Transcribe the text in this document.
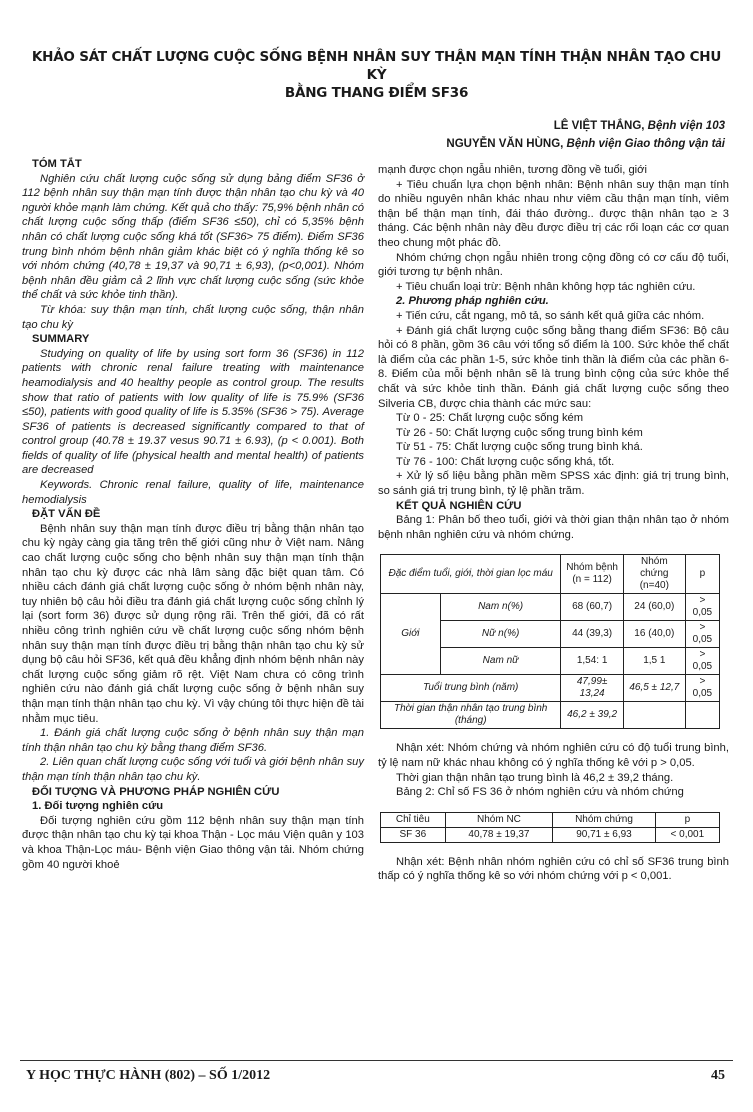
KHẢO SÁT CHẤT LƯỢNG CUỘC SỐNG BỆNH NHÂN SUY THẬN MẠN TÍNH THẬN NHÂN TẠO CHU KỲ
BẰNG THANG ĐIỂM SF36
LÊ VIỆT THẮNG, Bệnh viện 103
NGUYỄN VĂN HÙNG, Bệnh viện Giao thông vận tải

TÓM TẮT

Nghiên cứu chất lượng cuộc sống sử dụng bảng điểm SF36 ở 112 bệnh nhân suy thận mạn tính được thận nhân tạo chu kỳ và 40 người khỏe mạnh làm chứng. Kết quả cho thấy: 75,9% bệnh nhân có chất lượng cuộc sống thấp (điểm SF36 ≤50), chỉ có 5,35% bệnh nhân có chất lượng cuộc sống khá tốt (SF36> 75 điểm). Điểm SF36 trung bình nhóm bệnh nhân giảm khác biệt có ý nghĩa thống kê so với nhóm chứng (40,78 ± 19,37 và 90,71 ± 6,93), (p<0,001). Nhóm bệnh nhân đều giảm cả 2 lĩnh vực chất lượng cuộc sống (sức khỏe thể chất và sức khỏe tinh thần).

Từ khóa: suy thận mạn tính, chất lượng cuộc sống, thận nhân tạo chu kỳ

SUMMARY

Studying on quality of life by using sort form 36 (SF36) in 112 patients with chronic renal failure treating with maintenance heamodialysis and 40 healthy people as control group. The results show that ratio of patients with low quality of life is 75.9% (SF36 ≤50), patients with good quality of life is 5.35% (SF36 > 75). Average SF36 of patients is decreased significantly compared to that of control group (40.78 ± 19.37 vesus 90.71 ± 6.93), (p < 0.001). Both fields of quality of life (physical health and mental health) of patients are decreased

Keywords. Chronic renal failure, quality of life, maintenance hemodialysis

ĐẶT VẤN ĐỀ

Bệnh nhân suy thận mạn tính được điều trị bằng thận nhân tạo chu kỳ ngày càng gia tăng trên thế giới cũng như ở Việt nam. Nâng cao chất lượng cuộc sống cho bệnh nhân suy thận mạn tính thận nhân tạo chu kỳ được các nhà lâm sàng đặc biệt quan tâm. Có nhiều cách đánh giá chất lượng cuộc sống ở nhóm bệnh nhân này, tuy nhiên bộ câu hỏi điều tra đánh giá chất lượng cuộc sống chỉnh lý lại (sort form 36) được sử dụng rộng rãi. Trên thế giới, đã có rất nhiều công trình nghiên cứu về chất lượng cuộc sống nhóm bệnh nhân suy thận mạn tính được điều trị bằng thận nhân tạo chu kỳ sử dụng bộ câu hỏi SF36, kết quả đều khẳng định nhóm bệnh nhân này chất lượng cuộc sống giảm rõ rệt. Việt Nam chưa có công trình nghiên cứu nào đánh giá chất lượng cuộc sống ở bệnh nhân suy thận mạn tính thận nhân tạo chu kỳ. Vì vậy chúng tôi thực hiện đề tài nhằm mục tiêu.

1. Đánh giá chất lượng cuộc sống ở bệnh nhân suy thận mạn tính thận nhân tạo chu kỳ bằng thang điểm SF36.

2. Liên quan chất lượng cuộc sống với tuổi và giới bệnh nhân suy thận mạn tính thận nhân tạo chu kỳ.

ĐỐI TƯỢNG VÀ PHƯƠNG PHÁP NGHIÊN CỨU

1. Đối tượng nghiên cứu

Đối tượng nghiên cứu gồm 112 bệnh nhân suy thận mạn tính được thận nhân tạo chu kỳ tại khoa Thận - Lọc máu Viện quân y 103 và khoa Thận-Lọc máu- Bệnh viện Giao thông vận tải. Nhóm chứng gồm 40 người khoẻ

mạnh được chọn ngẫu nhiên, tương đồng về tuổi, giới

+ Tiêu chuẩn lựa chọn bệnh nhân: Bệnh nhân suy thận mạn tính do nhiều nguyên nhân khác nhau như viêm cầu thận mạn tính, viêm thận bể thận mạn tính, đái tháo đường.. được thận nhân tạo ≥ 3 tháng. Các bệnh nhân này đều được điều trị các rối loạn các cơ quan theo chung một phác đồ.

Nhóm chứng chọn ngẫu nhiên trong cộng đồng có cơ cấu độ tuổi, giới tương tự bệnh nhân.

+ Tiêu chuẩn loại trừ: Bệnh nhân không hợp tác nghiên cứu.

2. Phương pháp nghiên cứu.

+ Tiến cứu, cắt ngang, mô tả, so sánh kết quả giữa các nhóm.

+ Đánh giá chất lượng cuộc sống bằng thang điểm SF36: Bộ câu hỏi có 8 phần, gồm 36 câu với tổng số điểm là 100. Sức khỏe thể chất là điểm của các phần 1-5, sức khỏe tinh thần là điểm của các phần 6-8. Điểm của mỗi bệnh nhân sẽ là trung bình cộng của sức khỏe thể chất và sức khỏe tinh thần. Đánh giá chất lượng cuộc sống theo Silveria CB, được chia thành các mức sau:

Từ 0 - 25: Chất lượng cuộc sống kém

Từ 26 - 50: Chất lượng cuộc sống trung bình kém

Từ 51 - 75: Chất lượng cuộc sống trung bình khá.

Từ 76 - 100: Chất lượng cuộc sống khá, tốt.

+ Xử lý số liệu bằng phần mềm SPSS xác định: giá trị trung bình, so sánh giá trị trung bình, tỷ lệ phần trăm.

KẾT QUẢ NGHIÊN CỨU

Bảng 1: Phân bố theo tuổi, giới và thời gian thận nhân tạo ở nhóm bệnh nhân nghiên cứu và nhóm chứng.

Đặc điểm tuổi, giới, thời gian lọc máu		Nhóm bệnh
(n = 112)	Nhóm chứng
(n=40)	p
Giới	Nam n(%)	68 (60,7)	24 (60,0)	> 0,05
	Nữ n(%)	44 (39,3)	16 (40,0)	> 0,05
	Nam nữ	1,54: 1	1,5 1	> 0,05
Tuổi trung bình (năm)		47,99± 13,24	46,5 ± 12,7	> 0,05
Thời gian thận nhân tạo trung bình (tháng)		46,2 ± 39,2		

Nhận xét: Nhóm chứng và nhóm nghiên cứu có độ tuổi trung bình, tỷ lệ nam nữ khác nhau không có ý nghĩa thống kê với p > 0,05.

Thời gian thận nhân tạo trung bình là 46,2 ± 39,2 tháng.

Bảng 2: Chỉ số FS 36 ở nhóm nghiên cứu và nhóm chứng

Chỉ tiêu	Nhóm NC	Nhóm chứng	p
SF 36	40,78 ± 19,37	90,71 ± 6,93	< 0,001

Nhận xét: Bệnh nhân nhóm nghiên cứu có chỉ số SF36 trung bình thấp có ý nghĩa thống kê so với nhóm chứng với p < 0,001.

Y HỌC THỰC HÀNH (802) – SỐ 1/2012	45
